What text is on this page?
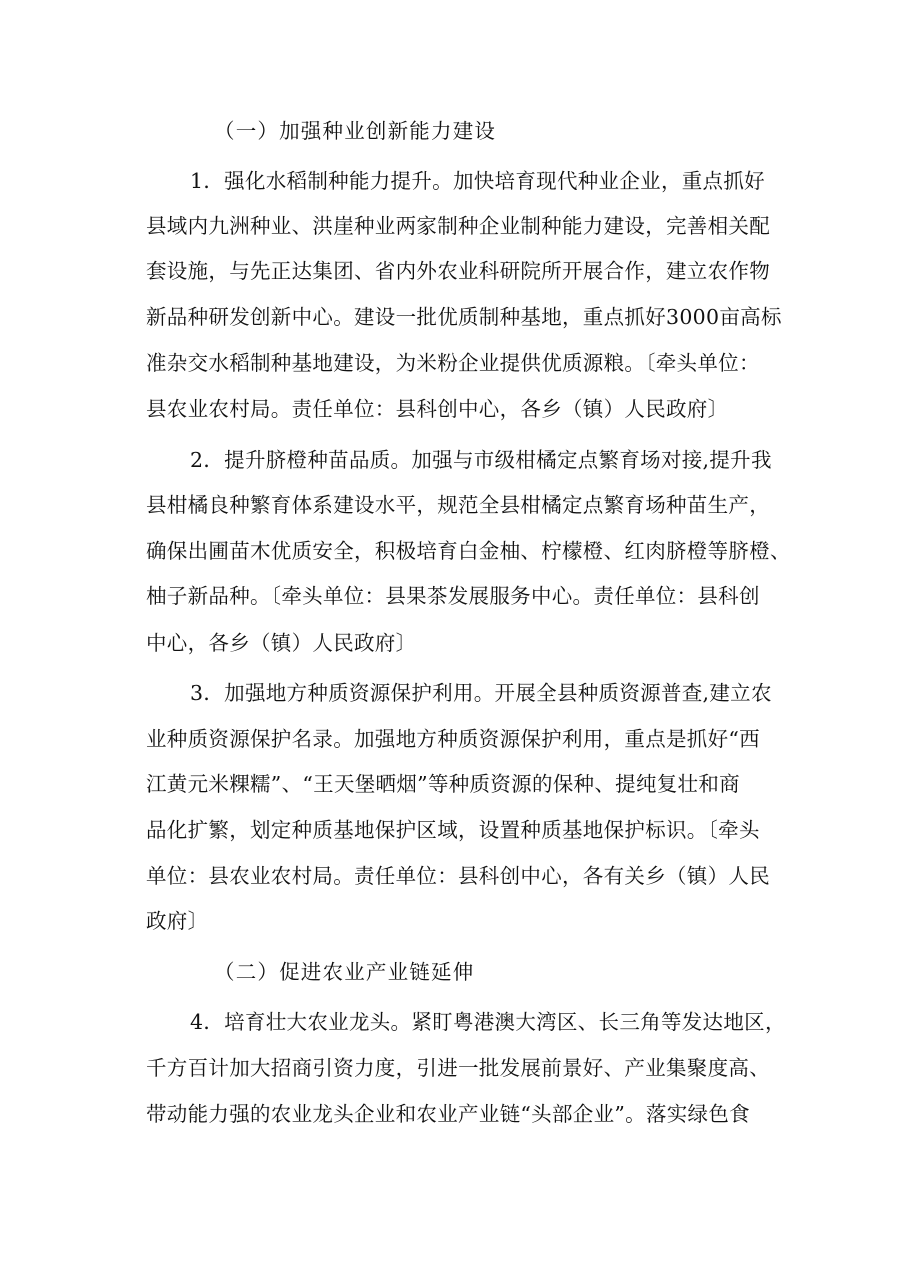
（一）加强种业创新能力建设
1．强化水稻制种能力提升。加快培育现代种业企业，重点抓好
县域内九洲种业、洪崖种业两家制种企业制种能力建设，完善相关配
套设施，与先正达集团、省内外农业科研院所开展合作，建立农作物
新品种研发创新中心。建设一批优质制种基地，重点抓好3000亩高标
准杂交水稻制种基地建设，为米粉企业提供优质源粮。〔牵头单位：
县农业农村局。责任单位：县科创中心，各乡（镇）人民政府〕
2．提升脐橙种苗品质。加强与市级柑橘定点繁育场对接,提升我
县柑橘良种繁育体系建设水平，规范全县柑橘定点繁育场种苗生产，
确保出圃苗木优质安全，积极培育白金柚、柠檬橙、红肉脐橙等脐橙、
柚子新品种。〔牵头单位：县果茶发展服务中心。责任单位：县科创
中心，各乡（镇）人民政府〕
3．加强地方种质资源保护利用。开展全县种质资源普查,建立农
业种质资源保护名录。加强地方种质资源保护利用，重点是抓好“西
江黄元米粿糯”、“王天堡晒烟”等种质资源的保种、提纯复壮和商
品化扩繁，划定种质基地保护区域，设置种质基地保护标识。〔牵头
单位：县农业农村局。责任单位：县科创中心，各有关乡（镇）人民
政府〕
（二）促进农业产业链延伸
4．培育壮大农业龙头。紧盯粤港澳大湾区、长三角等发达地区，
千方百计加大招商引资力度，引进一批发展前景好、产业集聚度高、
带动能力强的农业龙头企业和农业产业链“头部企业”。落实绿色食
